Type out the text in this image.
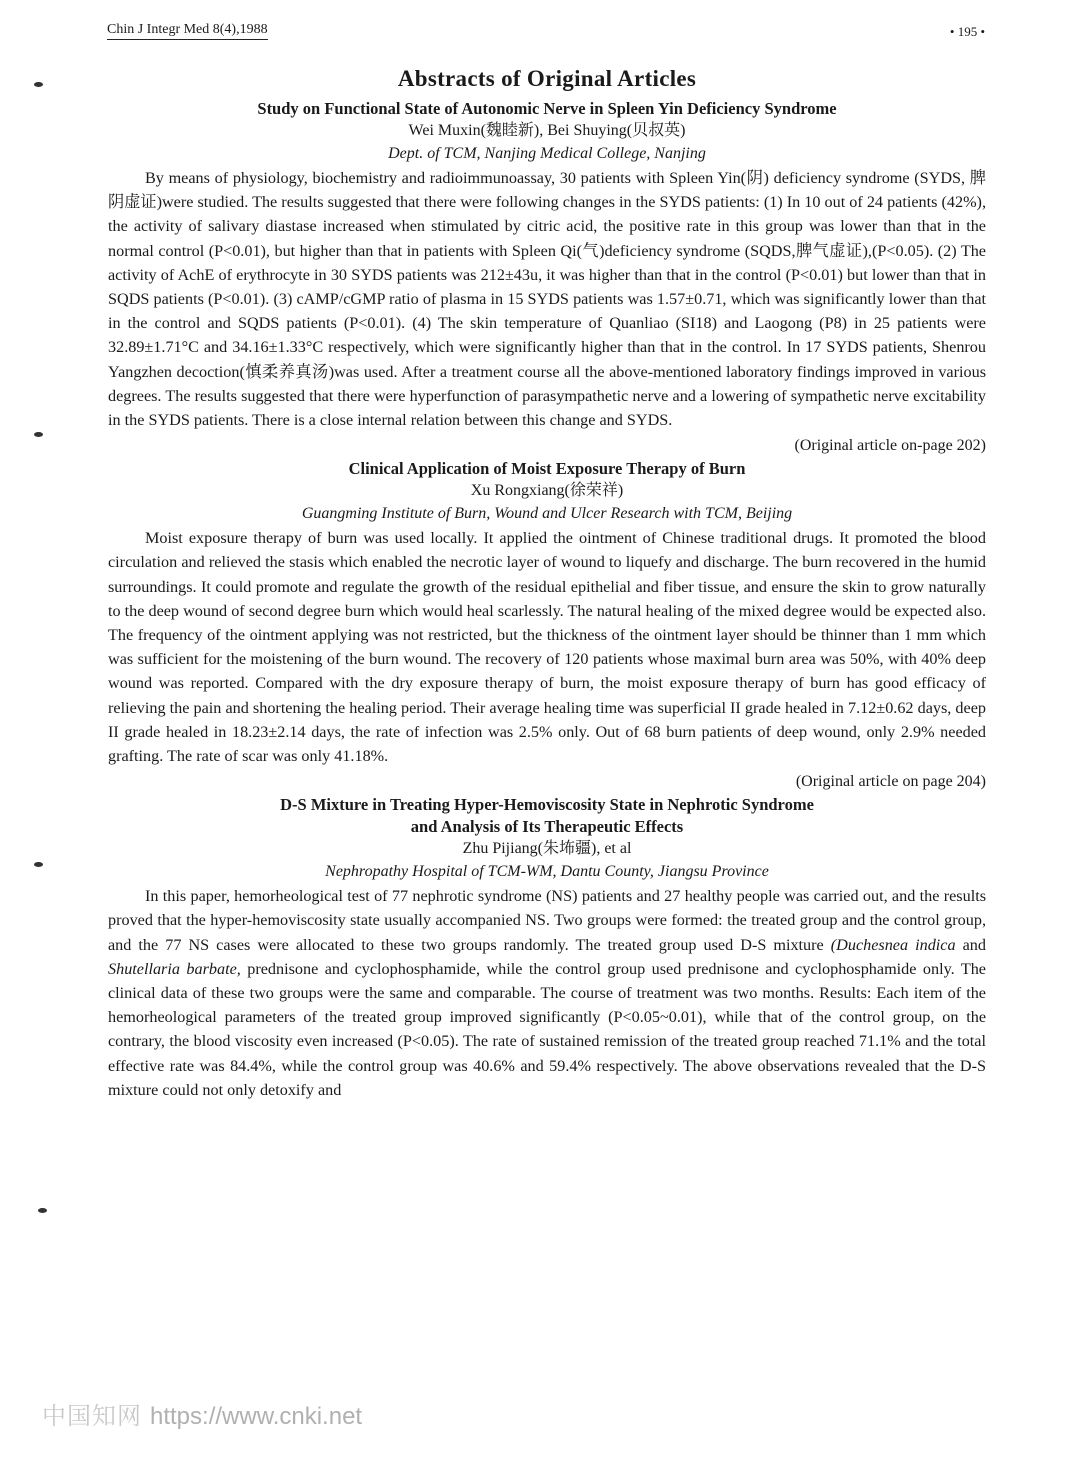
Chin J Integr Med 8(4),1988	• 195 •
Abstracts of Original Articles
Study on Functional State of Autonomic Nerve in Spleen Yin Deficiency Syndrome

Wei Muxin(魏睦新), Bei Shuying(贝叔英)

Dept. of TCM, Nanjing Medical College, Nanjing

By means of physiology, biochemistry and radioimmunoassay, 30 patients with Spleen Yin(阴) deficiency syndrome (SYDS, 脾阴虚证)were studied. The results suggested that there were following changes in the SYDS patients: (1) In 10 out of 24 patients (42%), the activity of salivary diastase increased when stimulated by citric acid, the positive rate in this group was lower than that in the normal control (P<0.01), but higher than that in patients with Spleen Qi(气)deficiency syndrome (SQDS,脾气虚证),(P<0.05). (2) The activity of AchE of erythrocyte in 30 SYDS patients was 212±43u, it was higher than that in the control (P<0.01) but lower than that in SQDS patients (P<0.01). (3) cAMP/cGMP ratio of plasma in 15 SYDS patients was 1.57±0.71, which was significantly lower than that in the control and SQDS patients (P<0.01). (4) The skin temperature of Quanliao (SI18) and Laogong (P8) in 25 patients were 32.89±1.71°C and 34.16±1.33°C respectively, which were significantly higher than that in the control. In 17 SYDS patients, Shenrou Yangzhen decoction(慎柔养真汤)was used. After a treatment course all the above-mentioned laboratory findings improved in various degrees. The results suggested that there were hyperfunction of parasympathetic nerve and a lowering of sympathetic nerve excitability in the SYDS patients. There is a close internal relation between this change and SYDS.

(Original article on-page 202)

Clinical Application of Moist Exposure Therapy of Burn

Xu Rongxiang(徐荣祥)

Guangming Institute of Burn, Wound and Ulcer Research with TCM, Beijing

Moist exposure therapy of burn was used locally. It applied the ointment of Chinese traditional drugs. It promoted the blood circulation and relieved the stasis which enabled the necrotic layer of wound to liquefy and discharge. The burn recovered in the humid surroundings. It could promote and regulate the growth of the residual epithelial and fiber tissue, and ensure the skin to grow naturally to the deep wound of second degree burn which would heal scarlessly. The natural healing of the mixed degree would be expected also. The frequency of the ointment applying was not restricted, but the thickness of the ointment layer should be thinner than 1 mm which was sufficient for the moistening of the burn wound. The recovery of 120 patients whose maximal burn area was 50%, with 40% deep wound was reported. Compared with the dry exposure therapy of burn, the moist exposure therapy of burn has good efficacy of relieving the pain and shortening the healing period. Their average healing time was superficial II grade healed in 7.12±0.62 days, deep II grade healed in 18.23±2.14 days, the rate of infection was 2.5% only. Out of 68 burn patients of deep wound, only 2.9% needed grafting. The rate of scar was only 41.18%.

(Original article on page 204)

D-S Mixture in Treating Hyper-Hemoviscosity State in Nephrotic Syndrome
and Analysis of Its Therapeutic Effects

Zhu Pijiang(朱㘵疆), et al

Nephropathy Hospital of TCM-WM, Dantu County, Jiangsu Province

In this paper, hemorheological test of 77 nephrotic syndrome (NS) patients and 27 healthy people was carried out, and the results proved that the hyper-hemoviscosity state usually accompanied NS. Two groups were formed: the treated group and the control group, and the 77 NS cases were allocated to these two groups randomly. The treated group used D-S mixture (Duchesnea indica and Shutellaria barbate, prednisone and cyclophosphamide, while the control group used prednisone and cyclophosphamide only. The clinical data of these two groups were the same and comparable. The course of treatment was two months. Results: Each item of the hemorheological parameters of the treated group improved significantly (P<0.05~0.01), while that of the control group, on the contrary, the blood viscosity even increased (P<0.05). The rate of sustained remission of the treated group reached 71.1% and the total effective rate was 84.4%, while the control group was 40.6% and 59.4% respectively. The above observations revealed that the D-S mixture could not only detoxify and

中国知网 https://www.cnki.net
